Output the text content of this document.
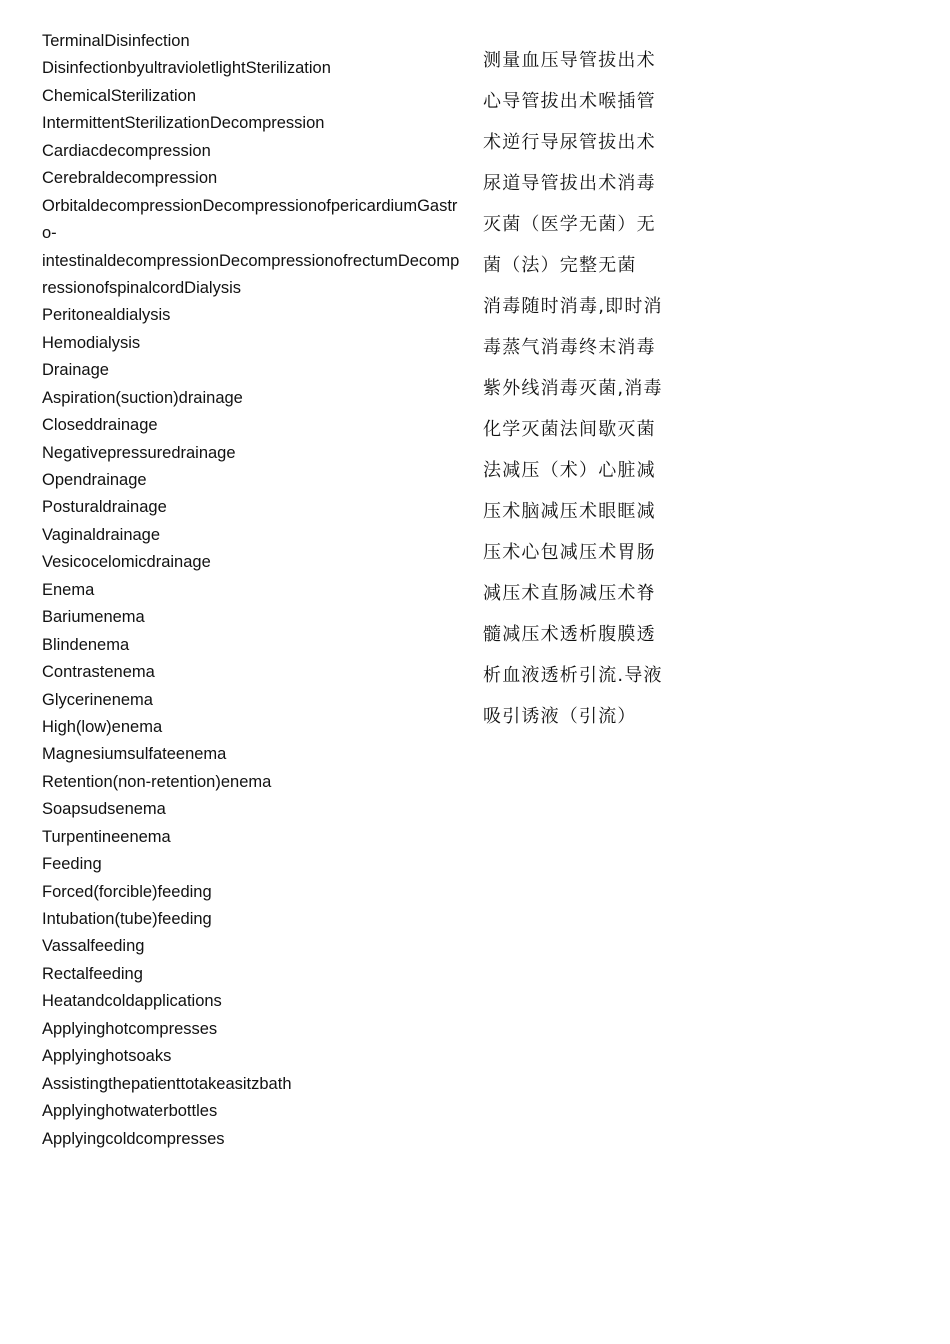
TerminalDisinfection
DisinfectionbyultravioletlightSterilization
ChemicalSterilization
IntermittentSterilizationDecompression
Cardiacdecompression
Cerebraldecompression
OrbitaldecompressionDecompressionofpericardiumGastr
o-
intestinaldecompressionDecompressionofrectumDecomp
ressionofspinalcordDialysis
Peritonealdialysis
Hemodialysis
Drainage
Aspiration(suction)drainage
Closeddrainage
Negativepressuredrainage
Opendrainage
Posturaldrainage
Vaginaldrainage
Vesicocelomicdrainage
Enema
Bariumenema
Blindenema
Contrastenema
Glycerinenema
High(low)enema
Magnesiumsulfateenema
Retention(non-retention)enema
Soapsudsenema
Turpentineenema
Feeding
Forced(forcible)feeding
Intubation(tube)feeding
Vassalfeeding
Rectalfeeding
Heatandcoldapplications
Applyinghotcompresses
Applyinghotsoaks
Assistingthepatienttotakeasitzbath
Applyinghotwaterbottles
Applyingcoldcompresses
测量血压导管拔出术
心导管拔出术喉插管
术逆行导尿管拔出术
尿道导管拔出术消毒
灭菌（医学无菌）无
菌（法）完整无菌
消毒随时消毒,即时消
毒蒸气消毒终末消毒
紫外线消毒灭菌,消毒
化学灭菌法间歇灭菌
法减压（术）心脏减
压术脑减压术眼眶减
压术心包减压术胃肠
减压术直肠减压术脊
髓减压术透析腹膜透
析血液透析引流.导液
吸引诱液（引流）
